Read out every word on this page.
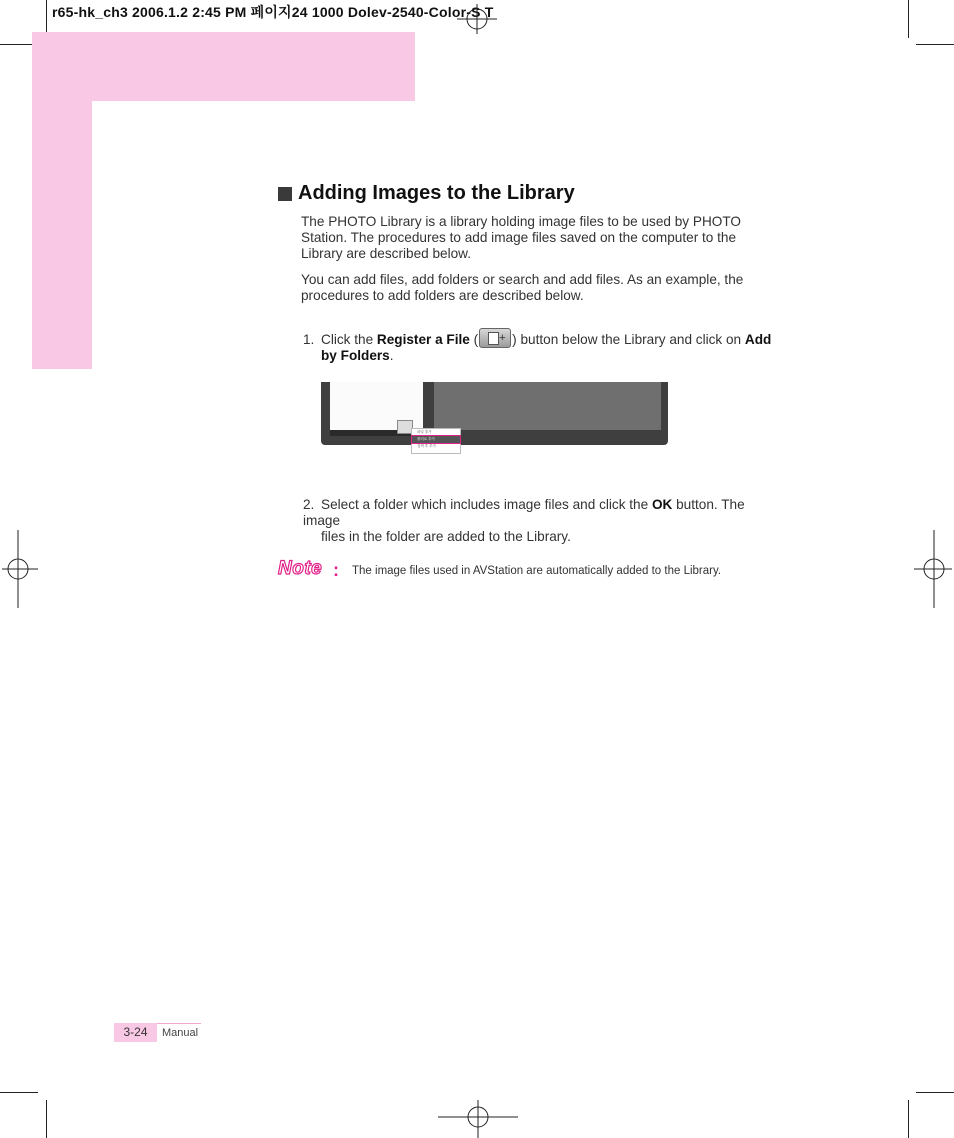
r65-hk_ch3 2006.1.2 2:45 PM 페이지24 1000 Dolev-2540-Color-S T
Adding Images to the Library
The PHOTO Library is a library holding image files to be used by PHOTO Station. The procedures to add image files saved on the computer to the Library are described below.
You can add files, add folders or search and add files. As an example, the procedures to add folders are described below.
1. Click the Register a File ( + ) button below the Library and click on Add
by Folders.
파일 추가
폴더로 추가
검색 후 추가
2. Select a folder which includes image files and click the OK button. The image
files in the folder are added to the Library.
Note : The image files used in AVStation are automatically added to the Library.
3-24	Manual
